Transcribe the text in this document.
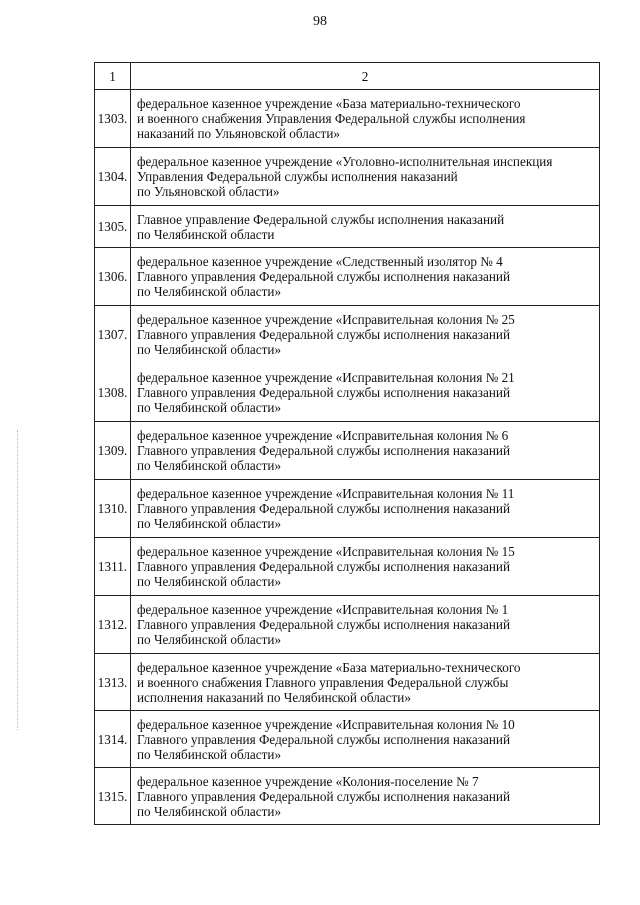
98
1	2
1303.	федеральное казенное учреждение «База материально-технического
и военного снабжения Управления Федеральной службы исполнения
наказаний по Ульяновской области»
1304.	федеральное казенное учреждение «Уголовно-исполнительная инспекция
Управления Федеральной службы исполнения наказаний
по Ульяновской области»
1305.	Главное управление Федеральной службы исполнения наказаний
по Челябинской области
1306.	федеральное казенное учреждение «Следственный изолятор № 4
Главного управления Федеральной службы исполнения наказаний
по Челябинской области»
1307.	федеральное казенное учреждение «Исправительная колония № 25
Главного управления Федеральной службы исполнения наказаний
по Челябинской области»
1308.	федеральное казенное учреждение «Исправительная колония № 21
Главного управления Федеральной службы исполнения наказаний
по Челябинской области»
1309.	федеральное казенное учреждение «Исправительная колония № 6
Главного управления Федеральной службы исполнения наказаний
по Челябинской области»
1310.	федеральное казенное учреждение «Исправительная колония № 11
Главного управления Федеральной службы исполнения наказаний
по Челябинской области»
1311.	федеральное казенное учреждение «Исправительная колония № 15
Главного управления Федеральной службы исполнения наказаний
по Челябинской области»
1312.	федеральное казенное учреждение «Исправительная колония № 1
Главного управления Федеральной службы исполнения наказаний
по Челябинской области»
1313.	федеральное казенное учреждение «База материально-технического
и военного снабжения Главного управления Федеральной службы
исполнения наказаний по Челябинской области»
1314.	федеральное казенное учреждение «Исправительная колония № 10
Главного управления Федеральной службы исполнения наказаний
по Челябинской области»
1315.	федеральное казенное учреждение «Колония-поселение № 7
Главного управления Федеральной службы исполнения наказаний
по Челябинской области»
